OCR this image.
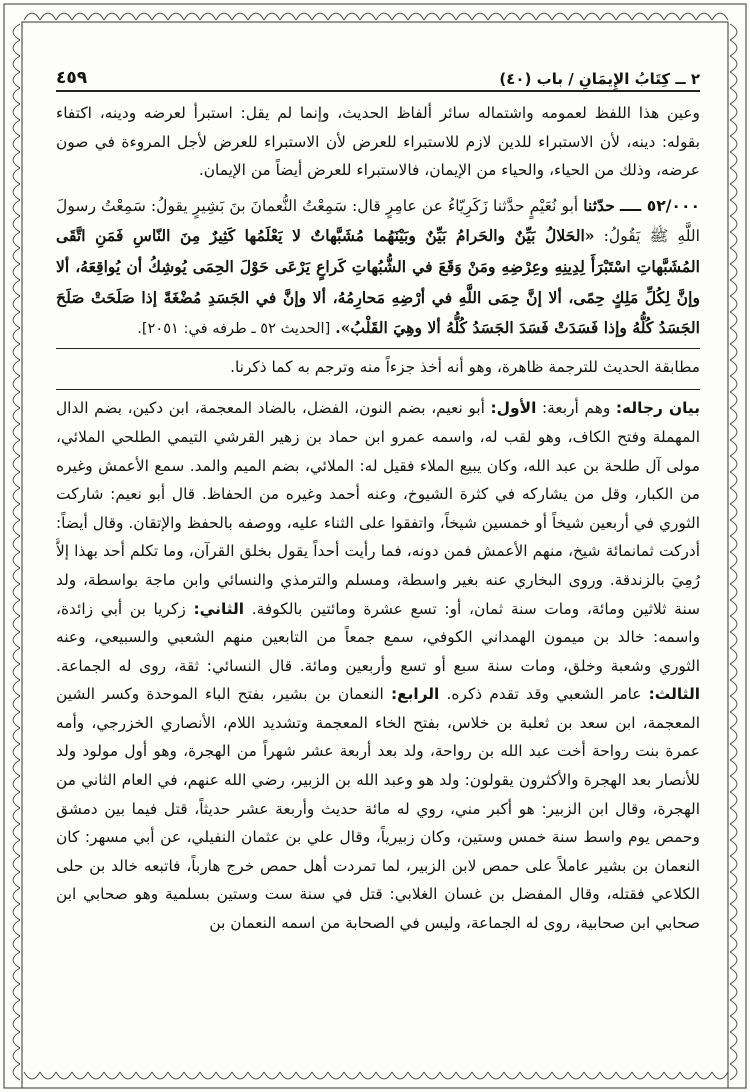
٢ ــ كِتَابُ الإِيمَانِ / باب (٤٠)
٤٥٩

وعين هذا اللفظ لعمومه واشتماله سائر ألفاظ الحديث، وإنما لم يقل: استبرأ لعرضه ودينه، اكتفاء بقوله: دينه، لأن الاستبراء للدين لازم للاستبراء للعرض لأن الاستبراء للعرض لأجل المروءة في صون عرضه، وذلك من الحياء، والحياء من الإيمان، فالاستبراء للعرض أيضاً من الإيمان.

٥٢/٠٠٠ ــــ حدّثنا أبو نُعَيْمٍ حدَّثنا زَكَرِيّاءُ عن عامِرٍ قال: سَمِعْتُ النُّعمانَ بنَ بَشِيرٍ يقولُ: سَمِعْتُ رسولَ اللَّهِ ﷺ يَقُولُ: «الحَلالُ بَيِّنٌ والحَرامُ بَيِّنٌ وبَيْنَهُما مُشَبَّهاتٌ لا يَعْلَمُها كَثِيرٌ مِنَ النّاسِ فَمَنِ اتَّقَى المُشَبَّهاتِ اسْتَبْرَأَ لِدِينِهِ وعِرْضِهِ ومَنْ وَقَعَ في الشُّبُهاتِ كَراعٍ يَرْعَى حَوْلَ الحِمَى يُوشِكُ أن يُواقِعَهُ، ألا وإنَّ لِكُلِّ مَلِكٍ حِمًى، ألا إنَّ حِمَى اللَّهِ في أرْضِهِ مَحارِمُهُ، ألا وإنَّ في الجَسَدِ مُضْغَةً إذا صَلَحَتْ صَلَحَ الجَسَدُ كُلُّهُ وإذا فَسَدَتْ فَسَدَ الجَسَدُ كُلُّهُ ألا وهِيَ القَلْبُ». [الحديث ٥٢ ـ طرفه في: ٢٠٥١].

مطابقة الحديث للترجمة ظاهرة، وهو أنه أخذ جزءاً منه وترجم به كما ذكرنا.

بيان رجاله: وهم أربعة: الأول: أبو نعيم، بضم النون، الفضل، بالضاد المعجمة، ابن دكين، بضم الدال المهملة وفتح الكاف، وهو لقب له، واسمه عمرو ابن حماد بن زهير القرشي التيمي الطلحي الملائي، مولى آل طلحة بن عبد الله، وكان يبيع الملاء فقيل له: الملائي، بضم الميم والمد. سمع الأعمش وغيره من الكبار، وقل من يشاركه في كثرة الشيوخ، وعنه أحمد وغيره من الحفاظ. قال أبو نعيم: شاركت الثوري في أربعين شيخاً أو خمسين شيخاً، واتفقوا على الثناء عليه، ووصفه بالحفظ والإتقان. وقال أيضاً: أدركت ثمانمائة شيخ، منهم الأعمش فمن دونه، فما رأيت أحداً يقول بخلق القرآن، وما تكلم أحد بهذا إلاَّ رُمِيَ بالزندقة. وروى البخاري عنه بغير واسطة، ومسلم والترمذي والنسائي وابن ماجة بواسطة، ولد سنة ثلاثين ومائة، ومات سنة ثمان، أو: تسع عشرة ومائتين بالكوفة. الثاني: زكريا بن أبي زائدة، واسمه: خالد بن ميمون الهمداني الكوفي، سمع جمعاً من التابعين منهم الشعبي والسبيعي، وعنه الثوري وشعبة وخلق، ومات سنة سبع أو تسع وأربعين ومائة. قال النسائي: ثقة، روى له الجماعة. الثالث: عامر الشعبي وقد تقدم ذكره. الرابع: النعمان بن بشير، بفتح الباء الموحدة وكسر الشين المعجمة، ابن سعد بن ثعلبة بن خلاس، بفتح الخاء المعجمة وتشديد اللام، الأنصاري الخزرجي، وأمه عمرة بنت رواحة أخت عبد الله بن رواحة، ولد بعد أربعة عشر شهراً من الهجرة، وهو أول مولود ولد للأنصار بعد الهجرة والأكثرون يقولون: ولد هو وعبد الله بن الزبير، رضي الله عنهم، في العام الثاني من الهجرة، وقال ابن الزبير: هو أكبر مني، روي له مائة حديث وأربعة عشر حديثاً، قتل فيما بين دمشق وحمص يوم واسط سنة خمس وستين، وكان زبيرياً، وقال علي بن عثمان النفيلي، عن أبي مسهر: كان النعمان بن بشير عاملاً على حمص لابن الزبير، لما تمردت أهل حمص خرج هارباً، فاتبعه خالد بن حلى الكلاعي فقتله، وقال المفضل بن غسان الغلابي: قتل في سنة ست وستين بسلمية وهو صحابي ابن صحابي ابن صحابية، روى له الجماعة، وليس في الصحابة من اسمه النعمان بن
